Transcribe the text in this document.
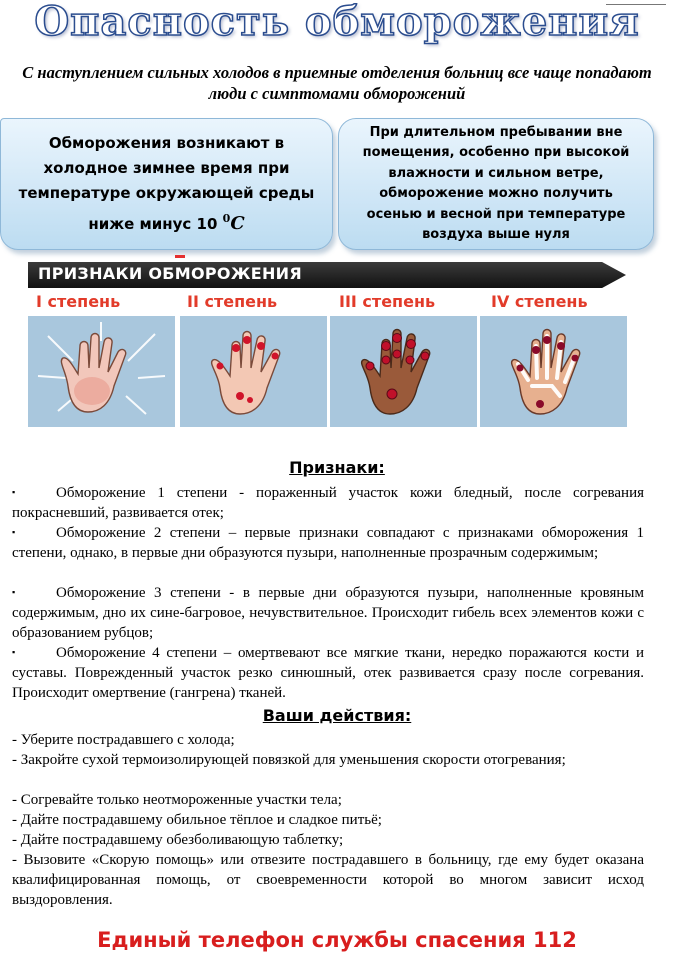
Опасность обморожения

С наступлением сильных холодов в приемные отделения больниц все чаще попадают люди с симптомами обморожений

Обморожения возникают в холодное зимнее время при температуре окружающей среды ниже минус 10 $^0$С
При длительном пребывании вне помещения, особенно при высокой влажности и сильном ветре, обморожение можно получить осенью и весной при температуре воздуха выше нуля
ПРИЗНАКИ ОБМОРОЖЕНИЯ
I степень	II степень	III степень	IV степень
Признаки:
▪	Обморожение 1 степени - пораженный участок кожи бледный, после согревания покрасневший, развивается отек;
▪	Обморожение 2 степени – первые признаки совпадают с признаками обморожения 1 степени, однако, в первые дни образуются пузыри, наполненные прозрачным содержимым;
▪	Обморожение 3 степени - в первые дни образуются пузыри, наполненные кровяным содержимым, дно их сине-багровое, нечувствительное. Происходит гибель всех элементов кожи с образованием рубцов;
▪	Обморожение 4 степени – омертвевают все мягкие ткани, нередко поражаются кости и суставы. Поврежденный участок резко синюшный, отек развивается сразу после согревания. Происходит омертвение (гангрена) тканей.
Ваши действия:
- Уберите пострадавшего с холода;
- Закройте сухой термоизолирующей повязкой для уменьшения скорости отогревания;
- Согревайте только неотмороженные участки тела;
- Дайте пострадавшему обильное тёплое и сладкое питьё;
- Дайте пострадавшему обезболивающую таблетку;
- Вызовите «Скорую помощь» или отвезите пострадавшего в больницу, где ему будет оказана квалифицированная помощь, от своевременности которой во многом зависит исход выздоровления.
Единый телефон службы спасения 112
